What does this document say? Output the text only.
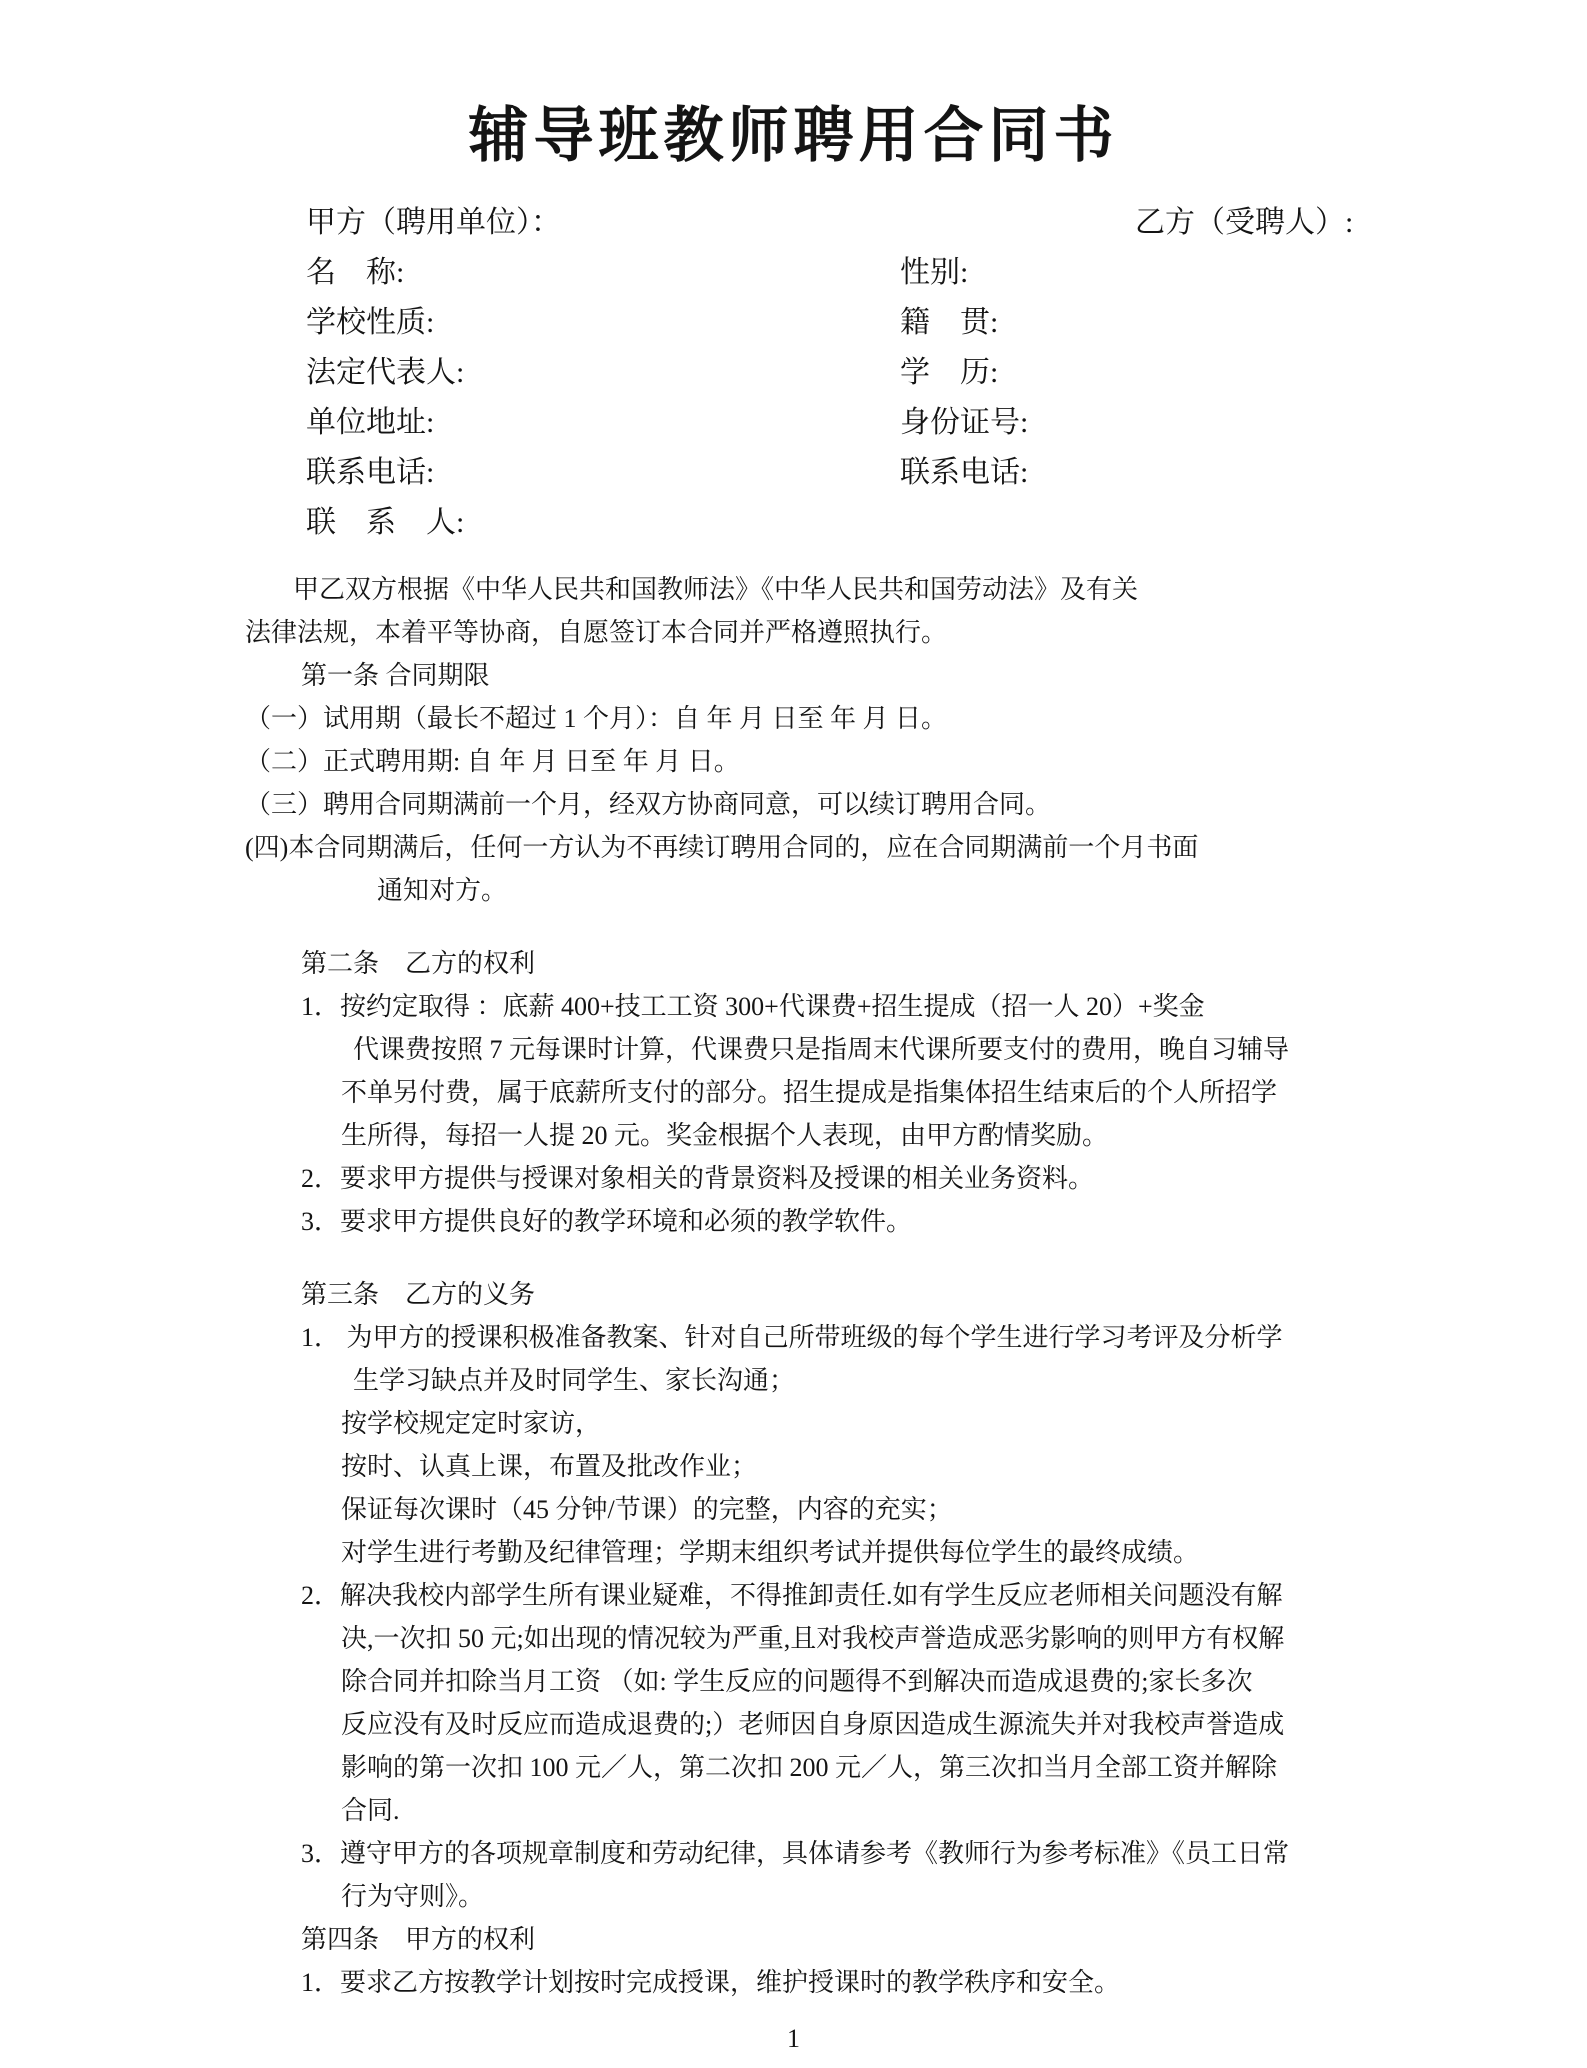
辅导班教师聘用合同书
甲方（聘用单位）：	乙方（受聘人）:
名　称:	性别:
学校性质:	籍　贯:
法定代表人:	学　历:
单位地址:	身份证号:
联系电话:	联系电话:
联　系　人:
甲乙双方根据《中华人民共和国教师法》《中华人民共和国劳动法》及有关
法律法规，本着平等协商，自愿签订本合同并严格遵照执行。
第一条 合同期限
（一）试用期（最长不超过 1 个月）：自 年 月 日至 年 月 日。
（二）正式聘用期: 自 年 月 日至 年 月 日。
（三）聘用合同期满前一个月，经双方协商同意，可以续订聘用合同。
(四)本合同期满后，任何一方认为不再续订聘用合同的，应在合同期满前一个月书面
通知对方。
第二条　乙方的权利
1．按约定取得 ：底薪 400+技工工资 300+代课费+招生提成（招一人 20）+奖金
代课费按照 7 元每课时计算，代课费只是指周末代课所要支付的费用，晚自习辅导
不单另付费，属于底薪所支付的部分。招生提成是指集体招生结束后的个人所招学
生所得，每招一人提 20 元。奖金根据个人表现，由甲方酌情奖励。
2．要求甲方提供与授课对象相关的背景资料及授课的相关业务资料。
3．要求甲方提供良好的教学环境和必须的教学软件。
第三条　乙方的义务
1． 为甲方的授课积极准备教案、针对自己所带班级的每个学生进行学习考评及分析学
生学习缺点并及时同学生、家长沟通；
按学校规定定时家访，
按时、认真上课，布置及批改作业；
保证每次课时（45 分钟/节课）的完整，内容的充实；
对学生进行考勤及纪律管理；学期末组织考试并提供每位学生的最终成绩。
2．解决我校内部学生所有课业疑难，不得推卸责任.如有学生反应老师相关问题没有解
决,一次扣 50 元;如出现的情况较为严重,且对我校声誉造成恶劣影响的则甲方有权解
除合同并扣除当月工资 （如: 学生反应的问题得不到解决而造成退费的;家长多次
反应没有及时反应而造成退费的;）老师因自身原因造成生源流失并对我校声誉造成
影响的第一次扣 100 元／人，第二次扣 200 元／人，第三次扣当月全部工资并解除
合同.
3．遵守甲方的各项规章制度和劳动纪律，具体请参考《教师行为参考标准》《员工日常
行为守则》。
第四条　甲方的权利
1．要求乙方按教学计划按时完成授课，维护授课时的教学秩序和安全。
1
